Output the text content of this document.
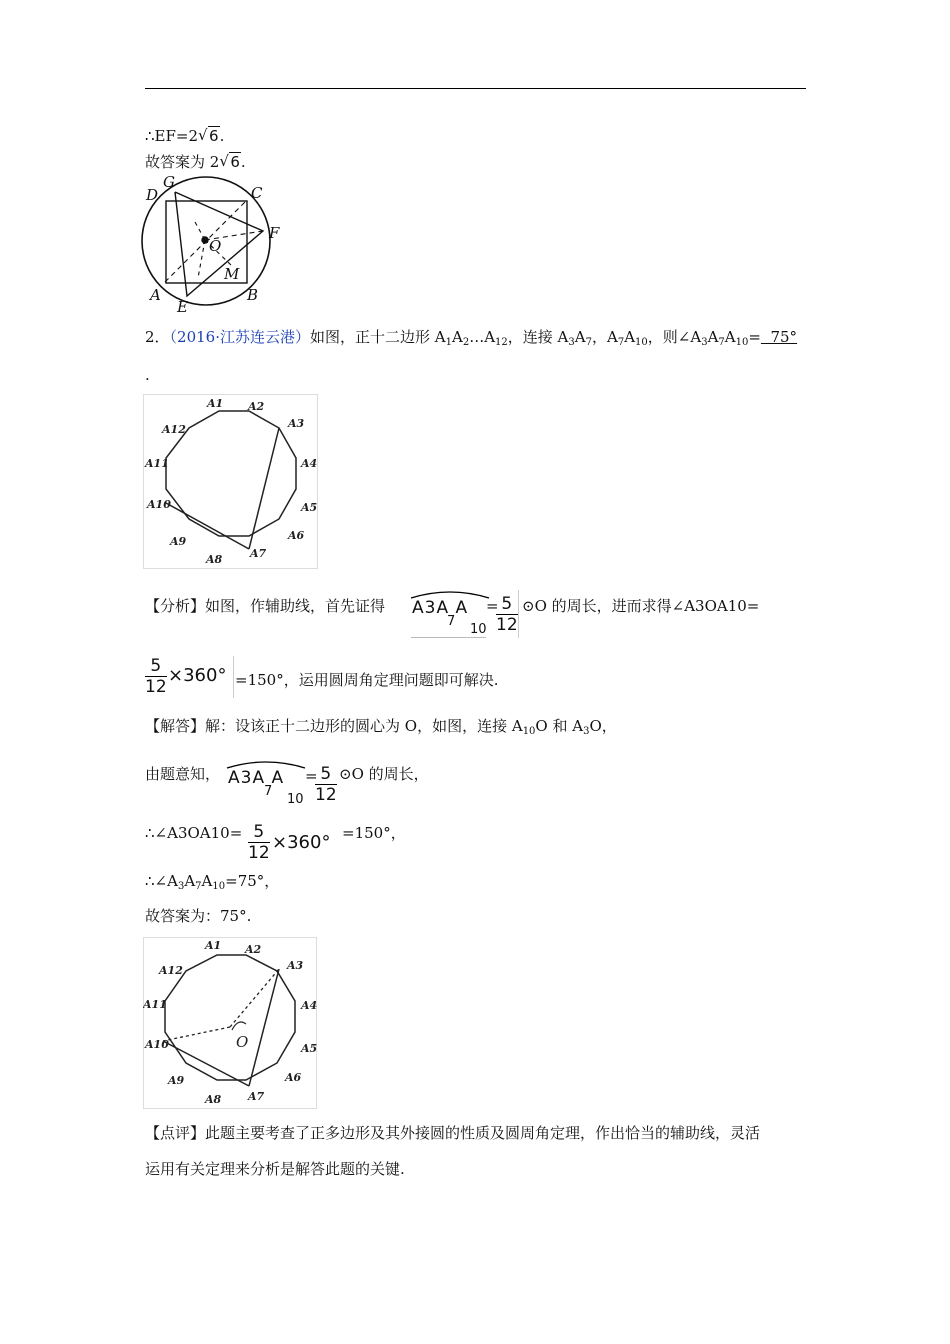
∴EF=2 √ 6.
故答案为 2 √ 6.
D
G
C
F
O
M
A
E
B
2．（2016·江苏连云港）如图，正十二边形 $A_1A_2\dots A_{12}$，连接 $A_3A_7$，$A_7A_{10}$，则$\angle A_3A_7A_{10}= 75^\circ$
.
A1 A2
A3
A4
A5
A6
A7
A8
A9
A10
A11
A12
【分析】如图，作辅助线，首先证得 A3A A
7
10
=
$\frac{5}{12}$ ⊙O 的周长，进而求得∠A3OA10=
$\frac{5}{12} \times 360^\circ =150^\circ$，运用圆周角定理问题即可解决.
【解答】解：设该正十二边形的圆心为 O，如图，连接 $A_{10}O$ 和 $A_3O$，
由题意知， A3A A
7
10
=
$\frac{5}{12}$ ⊙O 的周长，
∴∠A3OA10= $\frac{5}{12} \times 360^\circ =150^\circ$，
$\therefore\angle A_3A_7A_{10}=75^\circ$，
故答案为：75°.
A1 A2
A3
A4
A5
A6
A7
A8
A9
A10
A11
A12
O
【点评】此题主要考查了正多边形及其外接圆的性质及圆周角定理，作出恰当的辅助线，灵活
运用有关定理来分析是解答此题的关键.
